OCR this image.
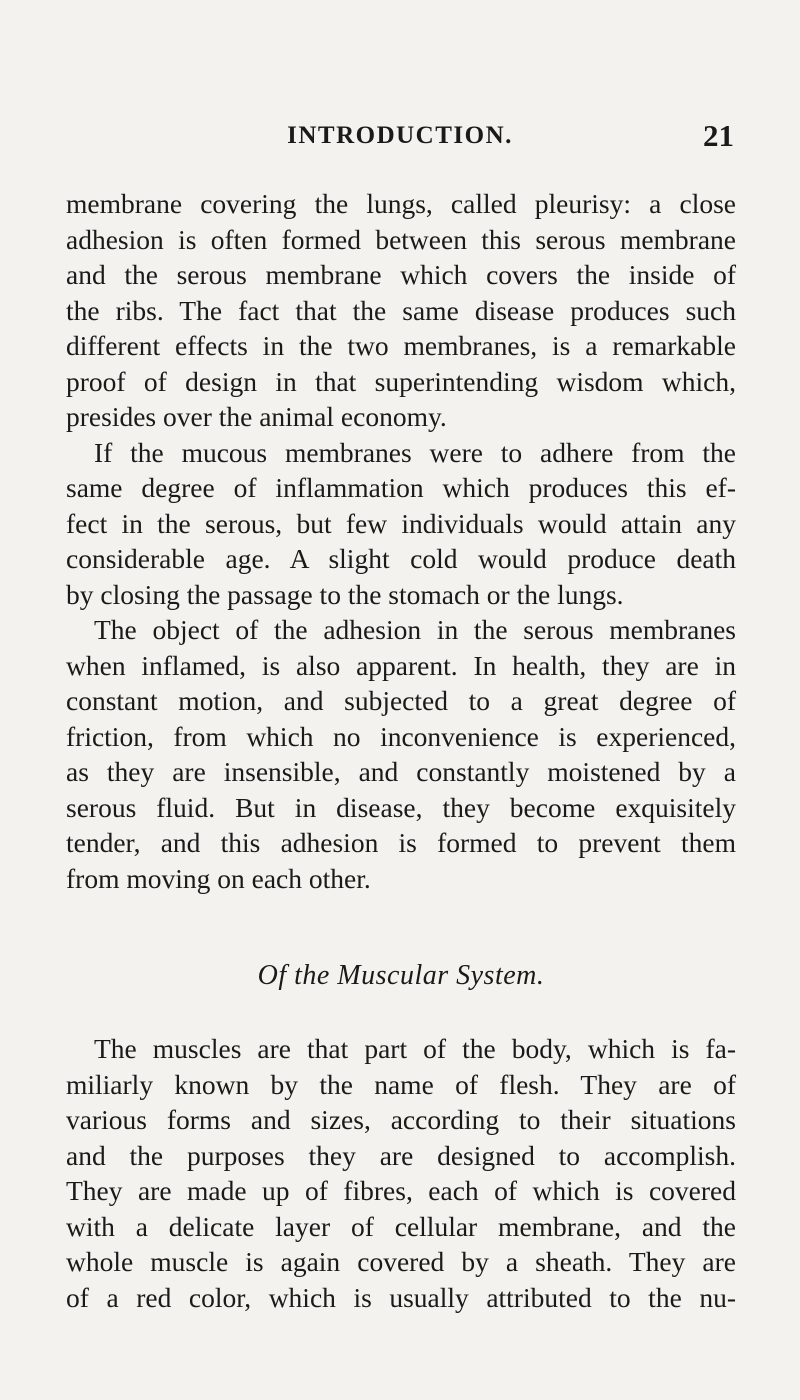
INTRODUCTION.	21

membrane covering the lungs, called pleurisy: a close
adhesion is often formed between this serous membrane
and the serous membrane which covers the inside of
the ribs. The fact that the same disease produces such
different effects in the two membranes, is a remarkable
proof of design in that superintending wisdom which,
presides over the animal economy.

If the mucous membranes were to adhere from the
same degree of inflammation which produces this ef-
fect in the serous, but few individuals would attain any
considerable age. A slight cold would produce death
by closing the passage to the stomach or the lungs.

The object of the adhesion in the serous membranes
when inflamed, is also apparent. In health, they are in
constant motion, and subjected to a great degree of
friction, from which no inconvenience is experienced,
as they are insensible, and constantly moistened by a
serous fluid. But in disease, they become exquisitely
tender, and this adhesion is formed to prevent them
from moving on each other.

Of the Muscular System.

The muscles are that part of the body, which is fa-
miliarly known by the name of flesh. They are of
various forms and sizes, according to their situations
and the purposes they are designed to accomplish.
They are made up of fibres, each of which is covered
with a delicate layer of cellular membrane, and the
whole muscle is again covered by a sheath. They are
of a red color, which is usually attributed to the nu-
